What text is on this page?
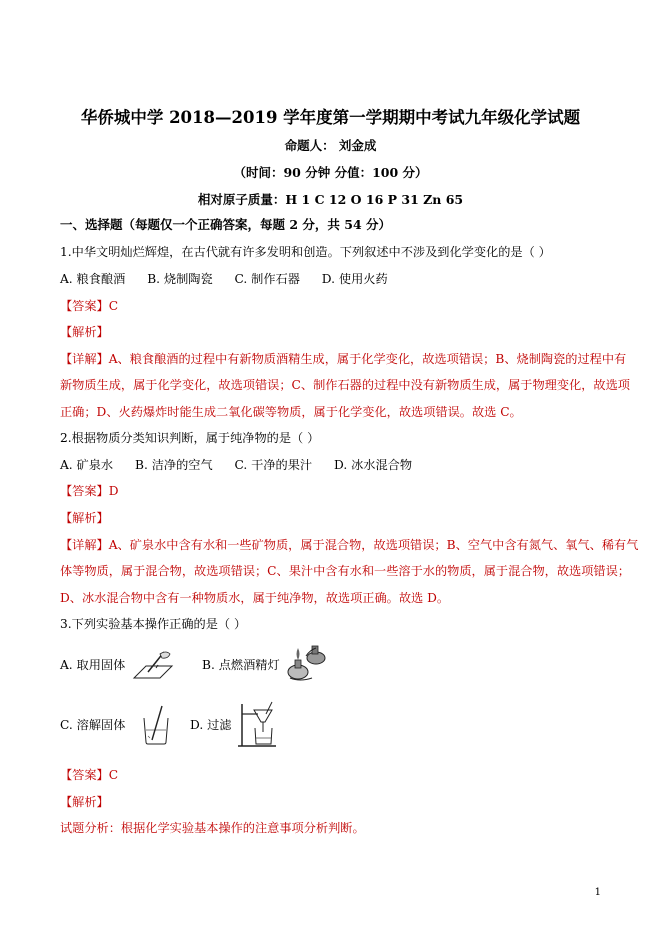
华侨城中学 2018—2019 学年度第一学期期中考试九年级化学试题
命题人： 刘金成
（时间：90 分钟 分值：100 分）
相对原子质量：H 1 C 12 O 16 P 31 Zn 65
一、选择题（每题仅一个正确答案，每题 2 分，共 54 分）
1.中华文明灿烂辉煌，在古代就有许多发明和创造。下列叙述中不涉及到化学变化的是（ ）
A. 粮食酿酒 B. 烧制陶瓷 C. 制作石器 D. 使用火药
【答案】C
【解析】
【详解】A、粮食酿酒的过程中有新物质酒精生成，属于化学变化，故选项错误；B、烧制陶瓷的过程中有
新物质生成，属于化学变化，故选项错误；C、制作石器的过程中没有新物质生成，属于物理变化，故选项
正确；D、火药爆炸时能生成二氧化碳等物质，属于化学变化，故选项错误。故选 C。
2.根据物质分类知识判断，属于纯净物的是（ ）
A. 矿泉水 B. 洁净的空气 C. 干净的果汁 D. 冰水混合物
【答案】D
【解析】
【详解】A、矿泉水中含有水和一些矿物质，属于混合物，故选项错误；B、空气中含有氮气、氧气、稀有气
体等物质，属于混合物，故选项错误；C、果汁中含有水和一些溶于水的物质，属于混合物，故选项错误；
D、冰水混合物中含有一种物质水，属于纯净物，故选项正确。故选 D。
3.下列实验基本操作正确的是（ ）
A. 取用固体	B. 点燃酒精灯
C. 溶解固体	D. 过滤
【答案】C
【解析】
试题分析：根据化学实验基本操作的注意事项分析判断。
1
